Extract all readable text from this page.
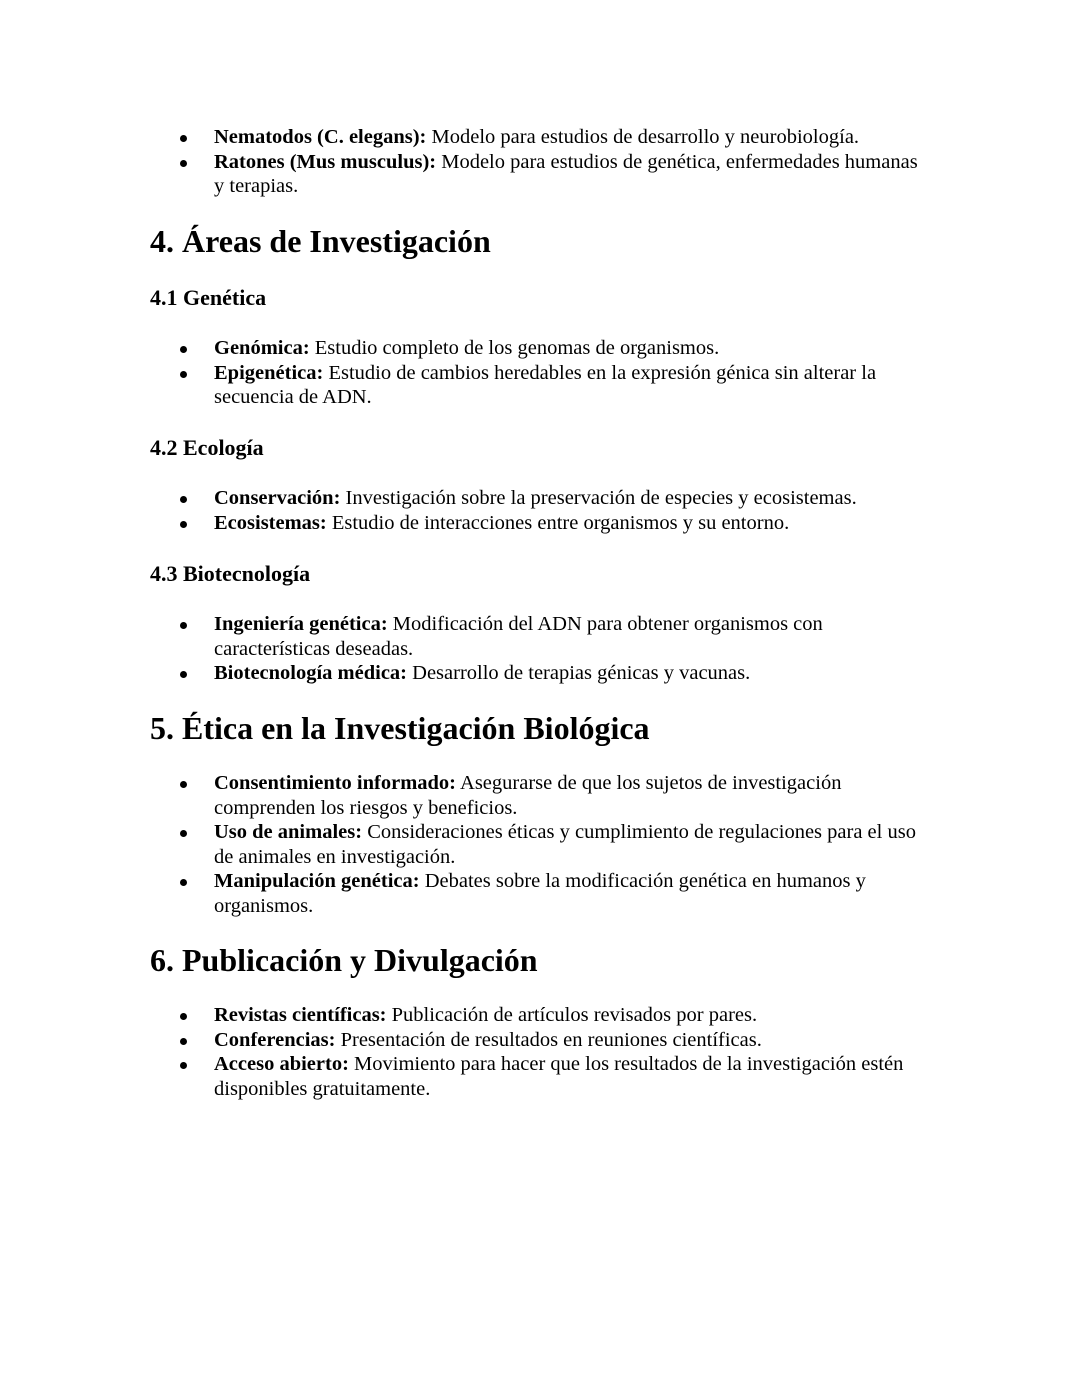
Nematodos (C. elegans): Modelo para estudios de desarrollo y neurobiología.
Ratones (Mus musculus): Modelo para estudios de genética, enfermedades humanas y terapias.
4. Áreas de Investigación
4.1 Genética
Genómica: Estudio completo de los genomas de organismos.
Epigenética: Estudio de cambios heredables en la expresión génica sin alterar la secuencia de ADN.
4.2 Ecología
Conservación: Investigación sobre la preservación de especies y ecosistemas.
Ecosistemas: Estudio de interacciones entre organismos y su entorno.
4.3 Biotecnología
Ingeniería genética: Modificación del ADN para obtener organismos con características deseadas.
Biotecnología médica: Desarrollo de terapias génicas y vacunas.
5. Ética en la Investigación Biológica
Consentimiento informado: Asegurarse de que los sujetos de investigación comprenden los riesgos y beneficios.
Uso de animales: Consideraciones éticas y cumplimiento de regulaciones para el uso de animales en investigación.
Manipulación genética: Debates sobre la modificación genética en humanos y organismos.
6. Publicación y Divulgación
Revistas científicas: Publicación de artículos revisados por pares.
Conferencias: Presentación de resultados en reuniones científicas.
Acceso abierto: Movimiento para hacer que los resultados de la investigación estén disponibles gratuitamente.
